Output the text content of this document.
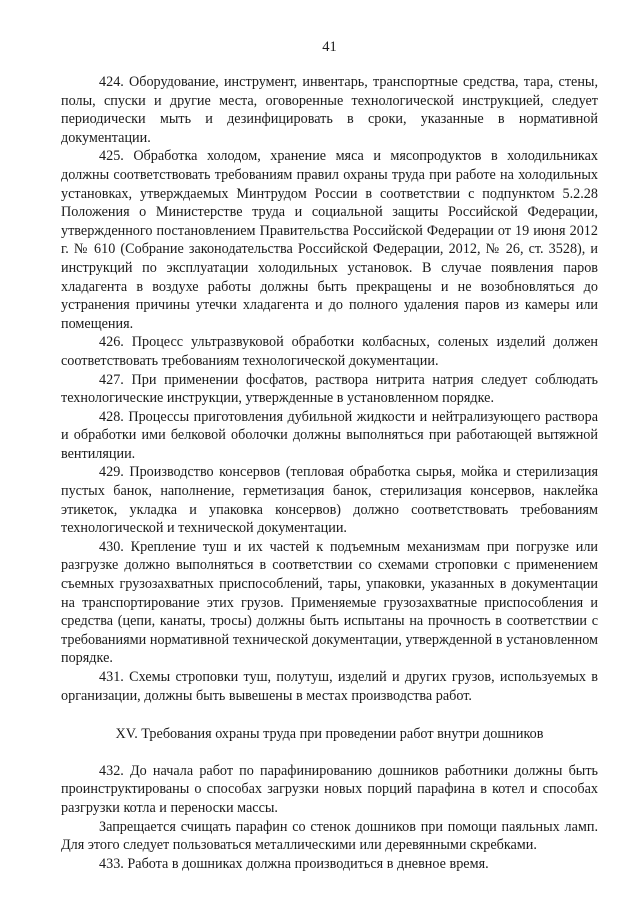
41

424. Оборудование, инструмент, инвентарь, транспортные средства, тара, стены, полы, спуски и другие места, оговоренные технологической инструкцией, следует периодически мыть и дезинфицировать в сроки, указанные в нормативной документации.

425. Обработка холодом, хранение мяса и мясопродуктов в холодильниках должны соответствовать требованиям правил охраны труда при работе на холодильных установках, утверждаемых Минтрудом России в соответствии с подпунктом 5.2.28 Положения о Министерстве труда и социальной защиты Российской Федерации, утвержденного постановлением Правительства Российской Федерации от 19 июня 2012 г. № 610 (Собрание законодательства Российской Федерации, 2012, № 26, ст. 3528), и инструкций по эксплуатации холодильных установок. В случае появления паров хладагента в воздухе работы должны быть прекращены и не возобновляться до устранения причины утечки хладагента и до полного удаления паров из камеры или помещения.

426. Процесс ультразвуковой обработки колбасных, соленых изделий должен соответствовать требованиям технологической документации.

427. При применении фосфатов, раствора нитрита натрия следует соблюдать технологические инструкции, утвержденные в установленном порядке.

428. Процессы приготовления дубильной жидкости и нейтрализующего раствора и обработки ими белковой оболочки должны выполняться при работающей вытяжной вентиляции.

429. Производство консервов (тепловая обработка сырья, мойка и стерилизация пустых банок, наполнение, герметизация банок, стерилизация консервов, наклейка этикеток, укладка и упаковка консервов) должно соответствовать требованиям технологической и технической документации.

430. Крепление туш и их частей к подъемным механизмам при погрузке или разгрузке должно выполняться в соответствии со схемами строповки с применением съемных грузозахватных приспособлений, тары, упаковки, указанных в документации на транспортирование этих грузов. Применяемые грузозахватные приспособления и средства (цепи, канаты, тросы) должны быть испытаны на прочность в соответствии с требованиями нормативной технической документации, утвержденной в установленном порядке.

431. Схемы строповки туш, полутуш, изделий и других грузов, используемых в организации, должны быть вывешены в местах производства работ.

XV. Требования охраны труда при проведении работ внутри дошников

432. До начала работ по парафинированию дошников работники должны быть проинструктированы о способах загрузки новых порций парафина в котел и способах разгрузки котла и переноски массы.

Запрещается счищать парафин со стенок дошников при помощи паяльных ламп. Для этого следует пользоваться металлическими или деревянными скребками.

433. Работа в дошниках должна производиться в дневное время.
